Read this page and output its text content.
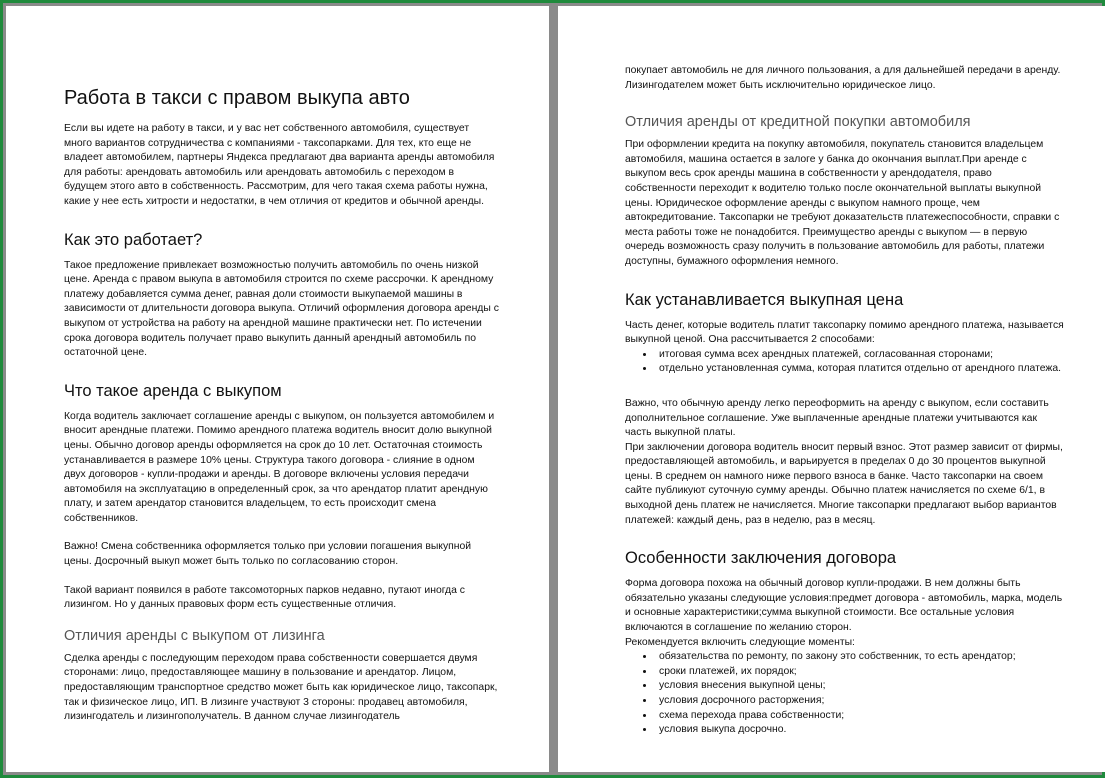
Работа в такси с правом выкупа авто

Если вы идете на работу в такси, и у вас нет собственного автомобиля, существует много вариантов сотрудничества с компаниями - таксопарками. Для тех, кто еще не владеет автомобилем, партнеры Яндекса предлагают два варианта аренды автомобиля для работы: арендовать автомобиль или арендовать автомобиль с переходом в будущем этого авто в собственность. Рассмотрим, для чего такая схема работы нужна, какие у нее есть хитрости и недостатки, в чем отличия от кредитов и обычной аренды.

Как это работает?

Такое предложение привлекает возможностью получить автомобиль по очень низкой цене. Аренда с правом выкупа в автомобиля строится по схеме рассрочки. К арендному платежу добавляется сумма денег, равная доли стоимости выкупаемой машины в зависимости от длительности договора выкупа. Отличий оформления договора аренды с выкупом от устройства на работу на арендной машине практически нет. По истечении срока договора водитель получает право выкупить данный арендный автомобиль по остаточной цене.

Что такое аренда с выкупом

Когда водитель заключает соглашение аренды с выкупом, он пользуется автомобилем и вносит арендные платежи. Помимо арендного платежа водитель вносит долю выкупной цены. Обычно договор аренды оформляется на срок до 10 лет. Остаточная стоимость устанавливается в размере 10% цены. Структура такого договора - слияние в одном двух договоров - купли-продажи и аренды. В договоре включены условия передачи автомобиля на эксплуатацию в определенный срок, за что арендатор платит арендную плату, и затем арендатор становится владельцем, то есть происходит смена собственников.

Важно! Смена собственника оформляется только при условии погашения выкупной цены. Досрочный выкуп может быть только по согласованию сторон.

Такой вариант появился в работе таксомоторных парков недавно, путают иногда с лизингом. Но у данных правовых форм есть существенные отличия.

Отличия аренды с выкупом от лизинга

Сделка аренды с последующим переходом права собственности совершается двумя сторонами: лицо, предоставляющее машину в пользование и арендатор. Лицом, предоставляющим транспортное средство может быть как юридическое лицо, таксопарк, так и физическое лицо, ИП. В лизинге участвуют 3 стороны: продавец автомобиля, лизингодатель и лизингополучатель. В данном случае лизингодатель

покупает автомобиль не для личного пользования, а для дальнейшей передачи в аренду. Лизингодателем может быть исключительно юридическое лицо.

Отличия аренды от кредитной покупки автомобиля

При оформлении кредита на покупку автомобиля, покупатель становится владельцем автомобиля, машина остается в залоге у банка до окончания выплат.При аренде с выкупом весь срок аренды машина в собственности у арендодателя, право собственности переходит к водителю только после окончательной выплаты выкупной цены. Юридическое оформление аренды с выкупом намного проще, чем автокредитование. Таксопарки не требуют доказательств платежеспособности, справки с места работы тоже не понадобится. Преимущество аренды с выкупом — в первую очередь возможность сразу получить в пользование автомобиль для работы, платежи доступны, бумажного оформления немного.

Как устанавливается выкупная цена

Часть денег, которые водитель платит таксопарку помимо арендного платежа, называется выкупной ценой. Она рассчитывается 2 способами:

• итоговая сумма всех арендных платежей, согласованная сторонами;
• отдельно установленная сумма, которая платится отдельно от арендного платежа.

Важно, что обычную аренду легко переоформить на аренду с выкупом, если составить дополнительное соглашение. Уже выплаченные арендные платежи учитываются как часть выкупной платы.

При заключении договора водитель вносит первый взнос. Этот размер зависит от фирмы, предоставляющей автомобиль, и варьируется в пределах 0 до 30 процентов выкупной цены. В среднем он намного ниже первого взноса в банке. Часто таксопарки на своем сайте публикуют суточную сумму аренды. Обычно платеж начисляется по схеме 6/1, в выходной день платеж не начисляется. Многие таксопарки предлагают выбор вариантов платежей: каждый день, раз в неделю, раз в месяц.

Особенности заключения договора

Форма договора похожа на обычный договор купли-продажи. В нем должны быть обязательно указаны следующие условия:предмет договора - автомобиль, марка, модель и основные характеристики;сумма выкупной стоимости. Все остальные условия включаются в соглашение по желанию сторон.

Рекомендуется включить следующие моменты:

• обязательства по ремонту, по закону это собственник, то есть арендатор;
• сроки платежей, их порядок;
• условия внесения выкупной цены;
• условия досрочного расторжения;
• схема перехода права собственности;
• условия выкупа досрочно.
